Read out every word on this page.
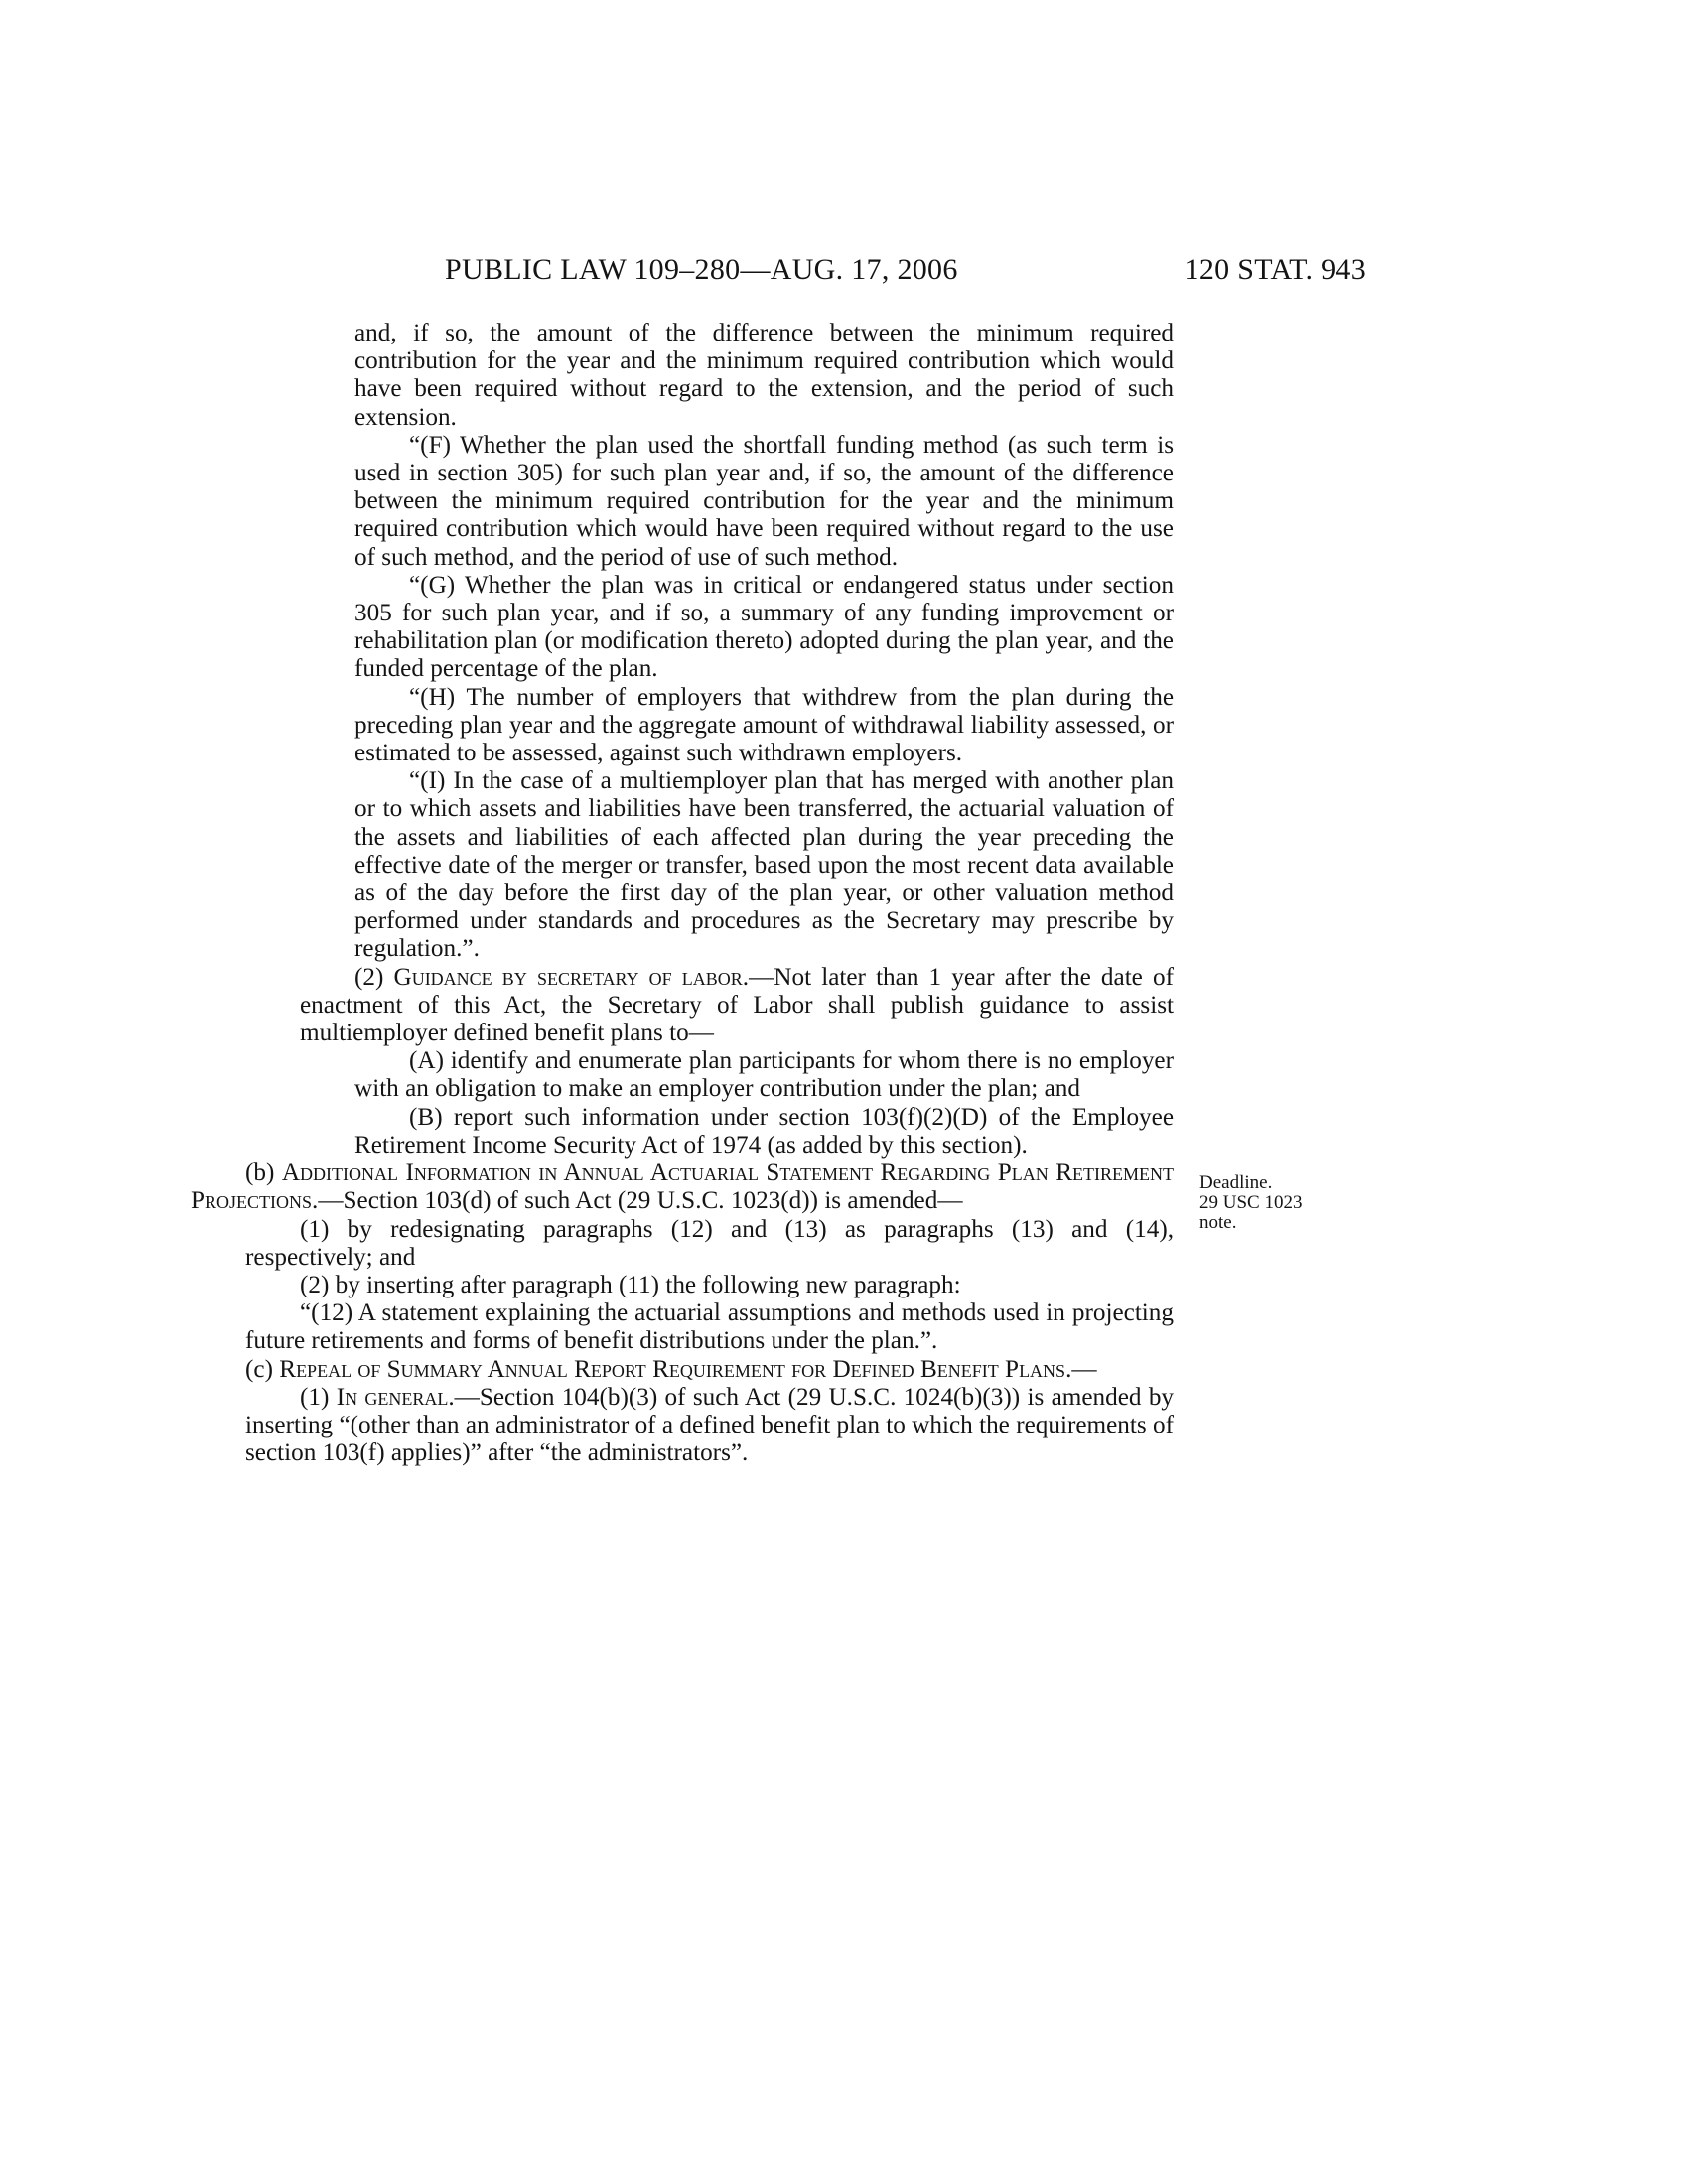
PUBLIC LAW 109–280—AUG. 17, 2006	120 STAT. 943
Deadline.
29 USC 1023
note.

and, if so, the amount of the difference between the minimum required contribution for the year and the minimum required contribution which would have been required without regard to the extension, and the period of such extension.

“(F) Whether the plan used the shortfall funding method (as such term is used in section 305) for such plan year and, if so, the amount of the difference between the minimum required contribution for the year and the minimum required contribution which would have been required without regard to the use of such method, and the period of use of such method.

“(G) Whether the plan was in critical or endangered status under section 305 for such plan year, and if so, a summary of any funding improvement or rehabilitation plan (or modification thereto) adopted during the plan year, and the funded percentage of the plan.

“(H) The number of employers that withdrew from the plan during the preceding plan year and the aggregate amount of withdrawal liability assessed, or estimated to be assessed, against such withdrawn employers.

“(I) In the case of a multiemployer plan that has merged with another plan or to which assets and liabilities have been transferred, the actuarial valuation of the assets and liabilities of each affected plan during the year preceding the effective date of the merger or transfer, based upon the most recent data available as of the day before the first day of the plan year, or other valuation method performed under standards and procedures as the Secretary may prescribe by regulation.”.

(2) Guidance by secretary of labor.—Not later than 1 year after the date of enactment of this Act, the Secretary of Labor shall publish guidance to assist multiemployer defined benefit plans to—

(A) identify and enumerate plan participants for whom there is no employer with an obligation to make an employer contribution under the plan; and

(B) report such information under section 103(f)(2)(D) of the Employee Retirement Income Security Act of 1974 (as added by this section).

(b) Additional Information in Annual Actuarial Statement Regarding Plan Retirement Projections.—Section 103(d) of such Act (29 U.S.C. 1023(d)) is amended—

(1) by redesignating paragraphs (12) and (13) as paragraphs (13) and (14), respectively; and

(2) by inserting after paragraph (11) the following new paragraph:

“(12) A statement explaining the actuarial assumptions and methods used in projecting future retirements and forms of benefit distributions under the plan.”.

(c) Repeal of Summary Annual Report Requirement for Defined Benefit Plans.—

(1) In general.—Section 104(b)(3) of such Act (29 U.S.C. 1024(b)(3)) is amended by inserting “(other than an administrator of a defined benefit plan to which the requirements of section 103(f) applies)” after “the administrators”.
